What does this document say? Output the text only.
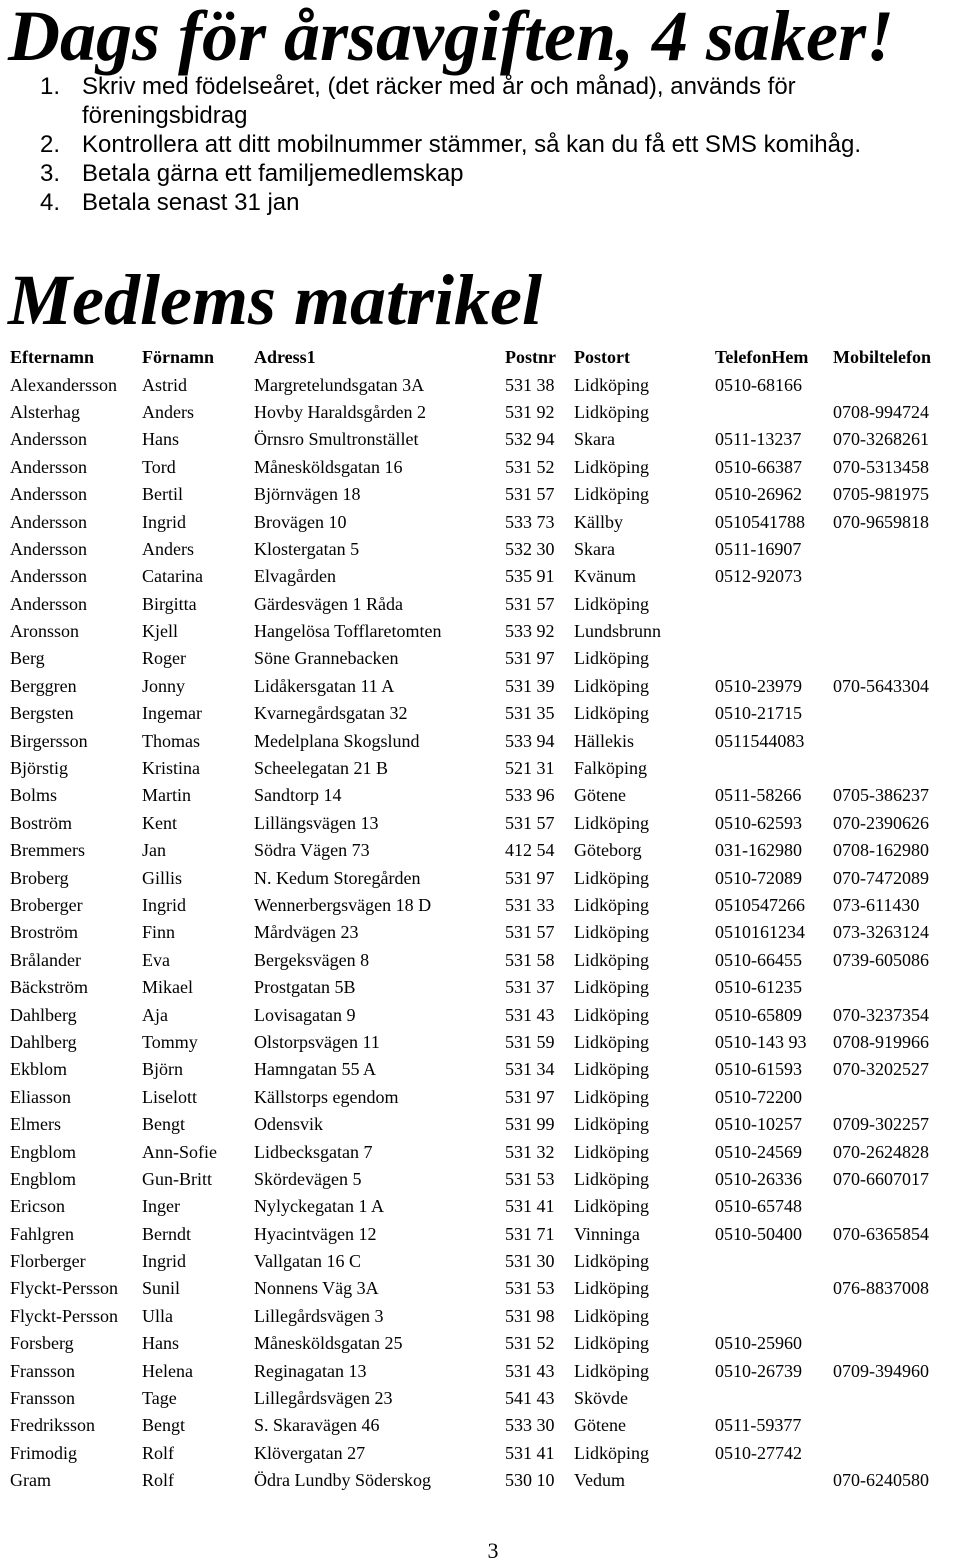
Dags för årsavgiften, 4 saker!
1. Skriv med födelseåret, (det räcker med år och månad), används för föreningsbidrag
2. Kontrollera att ditt mobilnummer stämmer, så kan du få ett SMS komihåg.
3. Betala gärna ett familjemedlemskap
4. Betala senast 31 jan
Medlems matrikel
Efternamn	Förnamn	Adress1	Postnr	Postort	TelefonHem	Mobiltelefon
Alexandersson	Astrid	Margretelundsgatan 3A	531 38	Lidköping	0510-68166	
Alsterhag	Anders	Hovby Haraldsgården 2	531 92	Lidköping		0708-994724
Andersson	Hans	Örnsro Smultronstället	532 94	Skara	0511-13237	070-3268261
Andersson	Tord	Månesköldsgatan 16	531 52	Lidköping	0510-66387	070-5313458
Andersson	Bertil	Björnvägen 18	531 57	Lidköping	0510-26962	0705-981975
Andersson	Ingrid	Brovägen 10	533 73	Källby	0510541788	070-9659818
Andersson	Anders	Klostergatan 5	532 30	Skara	0511-16907	
Andersson	Catarina	Elvagården	535 91	Kvänum	0512-92073	
Andersson	Birgitta	Gärdesvägen 1 Råda	531 57	Lidköping		
Aronsson	Kjell	Hangelösa Tofflaretomten	533 92	Lundsbrunn		
Berg	Roger	Söne Grannebacken	531 97	Lidköping		
Berggren	Jonny	Lidåkersgatan 11 A	531 39	Lidköping	0510-23979	070-5643304
Bergsten	Ingemar	Kvarnegårdsgatan 32	531 35	Lidköping	0510-21715	
Birgersson	Thomas	Medelplana Skogslund	533 94	Hällekis	0511544083	
Björstig	Kristina	Scheelegatan 21 B	521 31	Falköping		
Bolms	Martin	Sandtorp 14	533 96	Götene	0511-58266	0705-386237
Boström	Kent	Lillängsvägen 13	531 57	Lidköping	0510-62593	070-2390626
Bremmers	Jan	Södra Vägen 73	412 54	Göteborg	031-162980	0708-162980
Broberg	Gillis	N. Kedum Storegården	531 97	Lidköping	0510-72089	070-7472089
Broberger	Ingrid	Wennerbergsvägen 18 D	531 33	Lidköping	0510547266	073-611430
Broström	Finn	Mårdvägen 23	531 57	Lidköping	0510161234	073-3263124
Brålander	Eva	Bergeksvägen 8	531 58	Lidköping	0510-66455	0739-605086
Bäckström	Mikael	Prostgatan 5B	531 37	Lidköping	0510-61235	
Dahlberg	Aja	Lovisagatan 9	531 43	Lidköping	0510-65809	070-3237354
Dahlberg	Tommy	Olstorpsvägen 11	531 59	Lidköping	0510-143 93	0708-919966
Ekblom	Björn	Hamngatan 55 A	531 34	Lidköping	0510-61593	070-3202527
Eliasson	Liselott	Källstorps egendom	531 97	Lidköping	0510-72200	
Elmers	Bengt	Odensvik	531 99	Lidköping	0510-10257	0709-302257
Engblom	Ann-Sofie	Lidbecksgatan 7	531 32	Lidköping	0510-24569	070-2624828
Engblom	Gun-Britt	Skördevägen 5	531 53	Lidköping	0510-26336	070-6607017
Ericson	Inger	Nylyckegatan 1 A	531 41	Lidköping	0510-65748	
Fahlgren	Berndt	Hyacintvägen 12	531 71	Vinninga	0510-50400	070-6365854
Florberger	Ingrid	Vallgatan 16 C	531 30	Lidköping		
Flyckt-Persson	Sunil	Nonnens Väg 3A	531 53	Lidköping		076-8837008
Flyckt-Persson	Ulla	Lillegårdsvägen 3	531 98	Lidköping		
Forsberg	Hans	Månesköldsgatan 25	531 52	Lidköping	0510-25960	
Fransson	Helena	Reginagatan 13	531 43	Lidköping	0510-26739	0709-394960
Fransson	Tage	Lillegårdsvägen 23	541 43	Skövde		
Fredriksson	Bengt	S. Skaravägen 46	533 30	Götene	0511-59377	
Frimodig	Rolf	Klövergatan 27	531 41	Lidköping	0510-27742	
Gram	Rolf	Ödra Lundby Söderskog	530 10	Vedum		070-6240580
3
